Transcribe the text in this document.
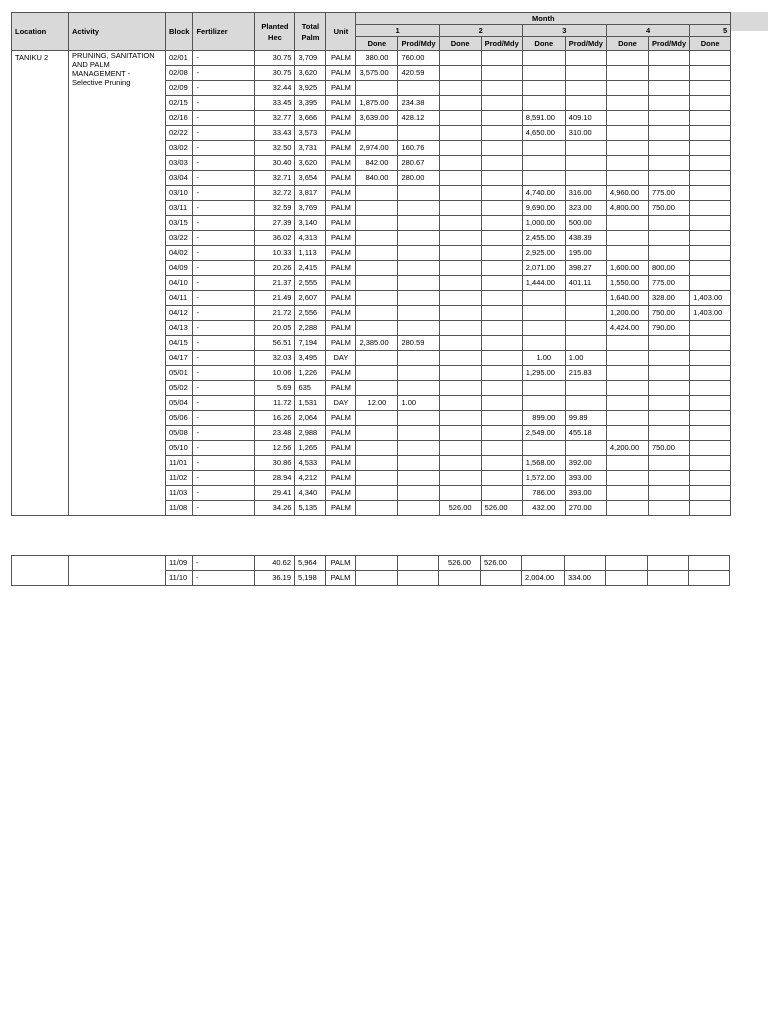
Location	Activity	Block	Fertilizer	Planted Hec	Total Palm	Unit	Month								
							1		2		3		4		5
							Done	Prod/Mdy	Done	Prod/Mdy	Done	Prod/Mdy	Done	Prod/Mdy	Done
TANIKU 2	PRUNING, SANITATION AND PALM MANAGEMENT - Selective Pruning	02/01	-	30.75	3,709	PALM	380.00	760.00							
		02/08	-	30.75	3,620	PALM	3,575.00	420.59							
		02/09	-	32.44	3,925	PALM									
		02/15	-	33.45	3,395	PALM	1,875.00	234.38							
		02/16	-	32.77	3,666	PALM	3,639.00	428.12			8,591.00	409.10			
		02/22	-	33.43	3,573	PALM					4,650.00	310.00			
		03/02	-	32.50	3,731	PALM	2,974.00	160.76							
		03/03	-	30.40	3,620	PALM	842.00	280.67							
		03/04	-	32.71	3,654	PALM	840.00	280.00							
		03/10	-	32.72	3,817	PALM					4,740.00	316.00	4,960.00	775.00	
		03/11	-	32.59	3,769	PALM					9,690.00	323.00	4,800.00	750.00	
		03/15	-	27.39	3,140	PALM					1,000.00	500.00			
		03/22	-	36.02	4,313	PALM					2,455.00	438.39			
		04/02	-	10.33	1,113	PALM					2,925.00	195.00			
		04/09	-	20.26	2,415	PALM					2,071.00	398.27	1,600.00	800.00	
		04/10	-	21.37	2,555	PALM					1,444.00	401.11	1,550.00	775.00	
		04/11	-	21.49	2,607	PALM							1,640.00	328.00	1,403.00
		04/12	-	21.72	2,556	PALM							1,200.00	750.00	1,403.00
		04/13	-	20.05	2,288	PALM							4,424.00	790.00	
		04/15	-	56.51	7,194	PALM	2,385.00	280.59							
		04/17	-	32.03	3,495	DAY					1.00	1.00			
		05/01	-	10.06	1,226	PALM					1,295.00	215.83			
		05/02	-	5.69	635	PALM									
		05/04	-	11.72	1,531	DAY	12.00	1.00							
		05/06	-	16.26	2,064	PALM					899.00	99.89			
		05/08	-	23.48	2,988	PALM					2,549.00	455.18			
		05/10	-	12.56	1,265	PALM							4,200.00	750.00	
		11/01	-	30.86	4,533	PALM					1,568.00	392.00			
		11/02	-	28.94	4,212	PALM					1,572.00	393.00			
		11/03	-	29.41	4,340	PALM					786.00	393.00			
		11/08	-	34.26	5,135	PALM			526.00	526.00	432.00	270.00			
		11/09	-	40.62	5,964	PALM			526.00	526.00					
		11/10	-	36.19	5,198	PALM					2,004.00	334.00			
